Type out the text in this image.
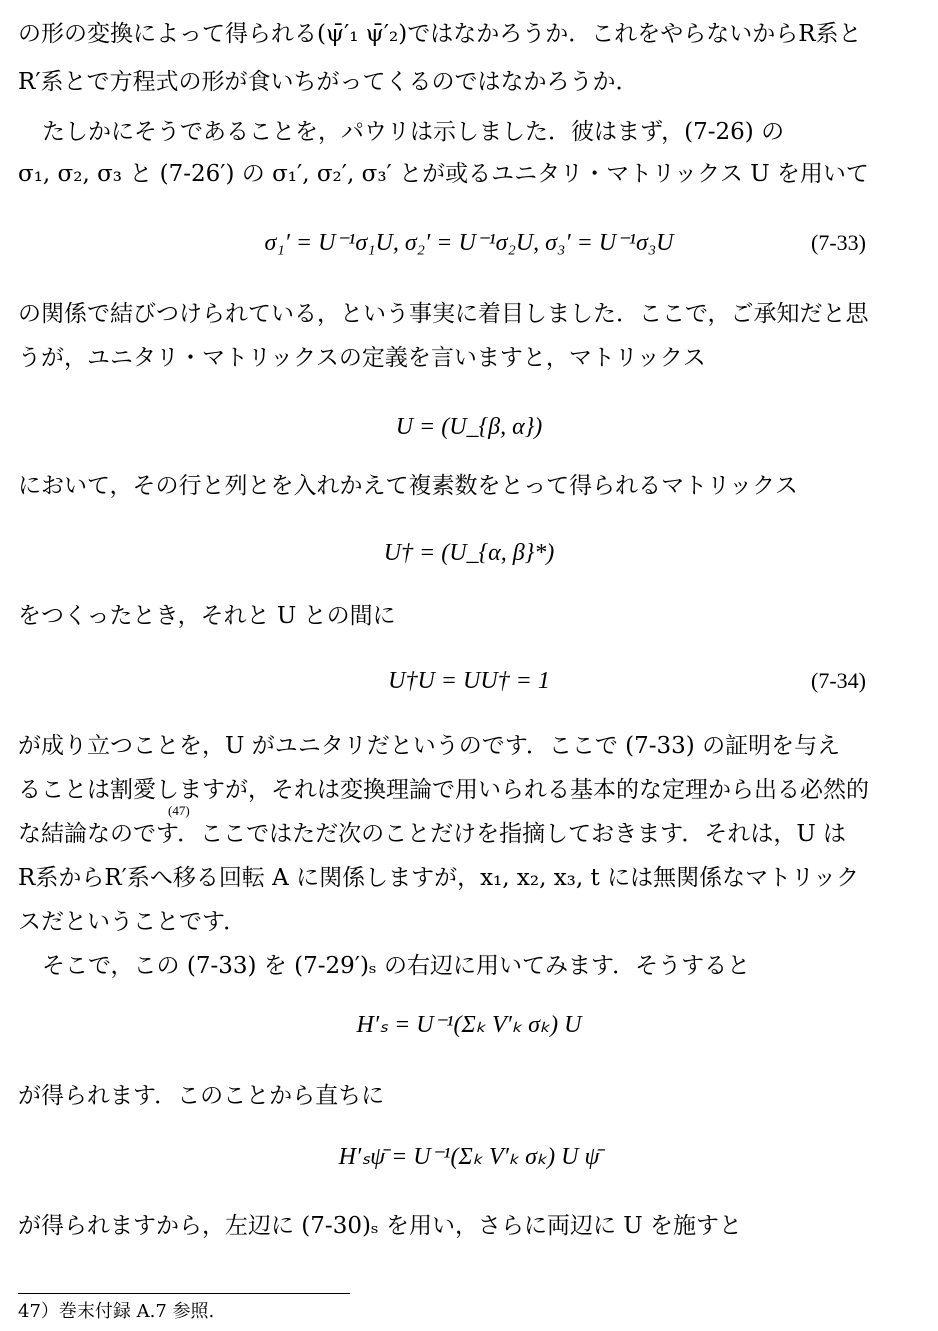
の形の変換によって得られる(ψ̄′₁ ψ̄′₂)ではなかろうか．これをやらないからR系と
R′系とで方程式の形が食いちがってくるのではなかろうか．
たしかにそうであることを，パウリは示しました．彼はまず，(7‑26) の
σ₁, σ₂, σ₃ と (7‑26′) の σ₁′, σ₂′, σ₃′ とが或るユニタリ・マトリックス U を用いて
σ₁′ = U⁻¹σ₁U, σ₂′ = U⁻¹σ₂U, σ₃′ = U⁻¹σ₃U	(7‑33)
の関係で結びつけられている，という事実に着目しました．ここで，ご承知だと思
うが，ユニタリ・マトリックスの定義を言いますと，マトリックス
U = (U_{β, α})
において，その行と列とを入れかえて複素数をとって得られるマトリックス
U† = (U_{α, β}*)
をつくったとき，それと U との間に
U†U = UU† = 1	(7‑34)
が成り立つことを，U がユニタリだというのです．ここで (7‑33) の証明を与え
ることは割愛しますが，それは変換理論で用いられる基本的な定理から出る必然的
(47)
な結論なのです．ここではただ次のことだけを指摘しておきます．それは，U は
R系からR′系へ移る回転 A に関係しますが，x₁, x₂, x₃, t には無関係なマトリック
スだということです．
そこで，この (7‑33) を (7‑29′)ₛ の右辺に用いてみます．そうすると
H′ₛ = U⁻¹(Σₖ V′ₖ σₖ) U
が得られます．このことから直ちに
H′ₛψ̄ = U⁻¹(Σₖ V′ₖ σₖ) U ψ̄
が得られますから，左辺に (7‑30)ₛ を用い，さらに両辺に U を施すと
47）巻末付録 A.7 参照.
